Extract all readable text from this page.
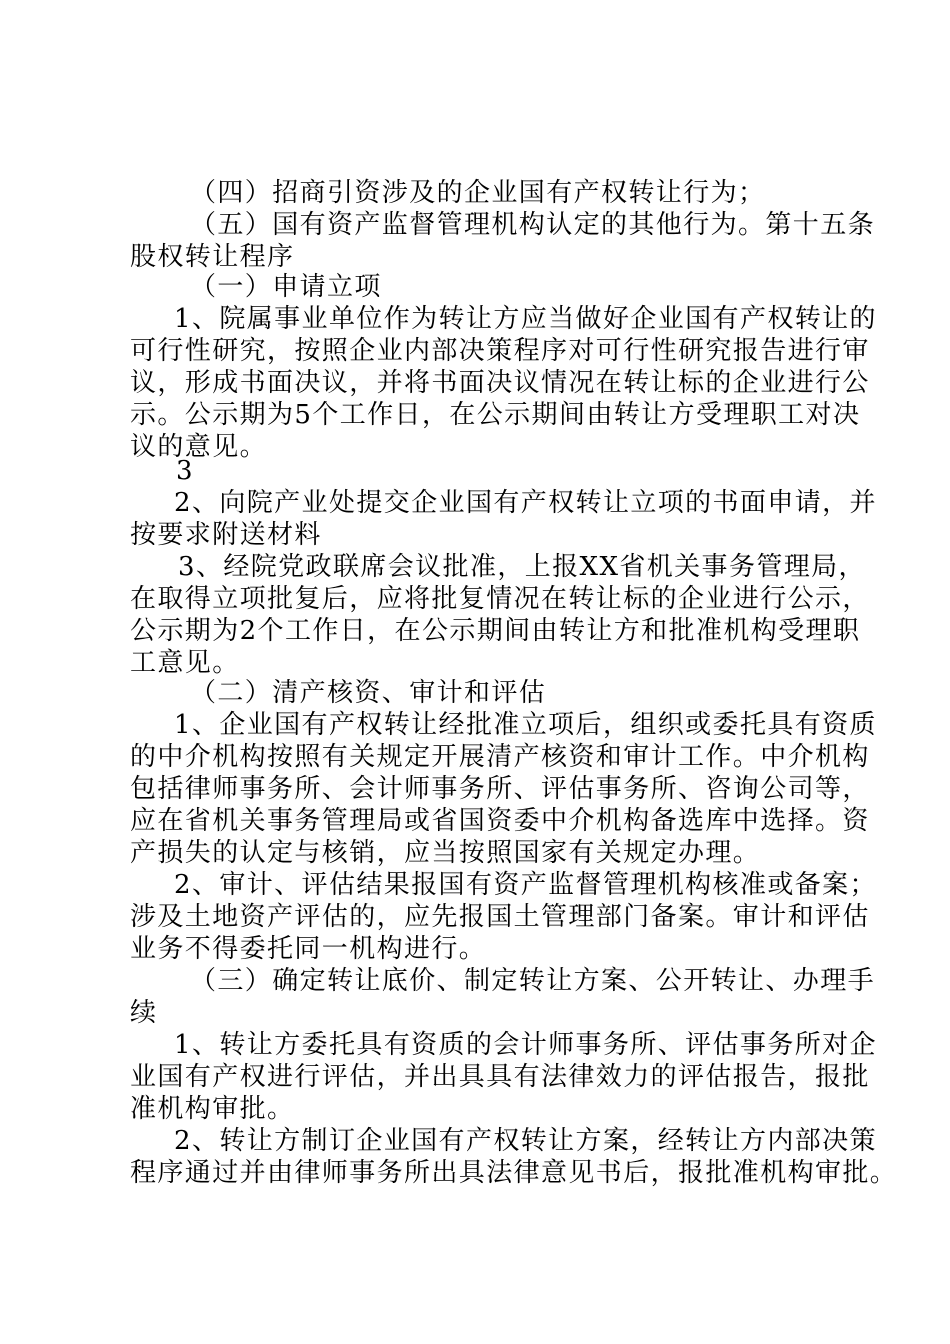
（四）招商引资涉及的企业国有产权转让行为；
（五）国有资产监督管理机构认定的其他行为。第十五条
股权转让程序
（一）申请立项
1、院属事业单位作为转让方应当做好企业国有产权转让的
可行性研究，按照企业内部决策程序对可行性研究报告进行审
议，形成书面决议，并将书面决议情况在转让标的企业进行公
示。公示期为5个工作日，在公示期间由转让方受理职工对决
议的意见。
3
2、向院产业处提交企业国有产权转让立项的书面申请，并
按要求附送材料
3、经院党政联席会议批准，上报XX省机关事务管理局，
在取得立项批复后，应将批复情况在转让标的企业进行公示，
公示期为2个工作日，在公示期间由转让方和批准机构受理职
工意见。
（二）清产核资、审计和评估
1、企业国有产权转让经批准立项后，组织或委托具有资质
的中介机构按照有关规定开展清产核资和审计工作。中介机构
包括律师事务所、会计师事务所、评估事务所、咨询公司等，
应在省机关事务管理局或省国资委中介机构备选库中选择。资
产损失的认定与核销，应当按照国家有关规定办理。
2、审计、评估结果报国有资产监督管理机构核准或备案；
涉及土地资产评估的，应先报国土管理部门备案。审计和评估
业务不得委托同一机构进行。
（三）确定转让底价、制定转让方案、公开转让、办理手
续
1、转让方委托具有资质的会计师事务所、评估事务所对企
业国有产权进行评估，并出具具有法律效力的评估报告，报批
准机构审批。
2、转让方制订企业国有产权转让方案，经转让方内部决策
程序通过并由律师事务所出具法律意见书后，报批准机构审批。
